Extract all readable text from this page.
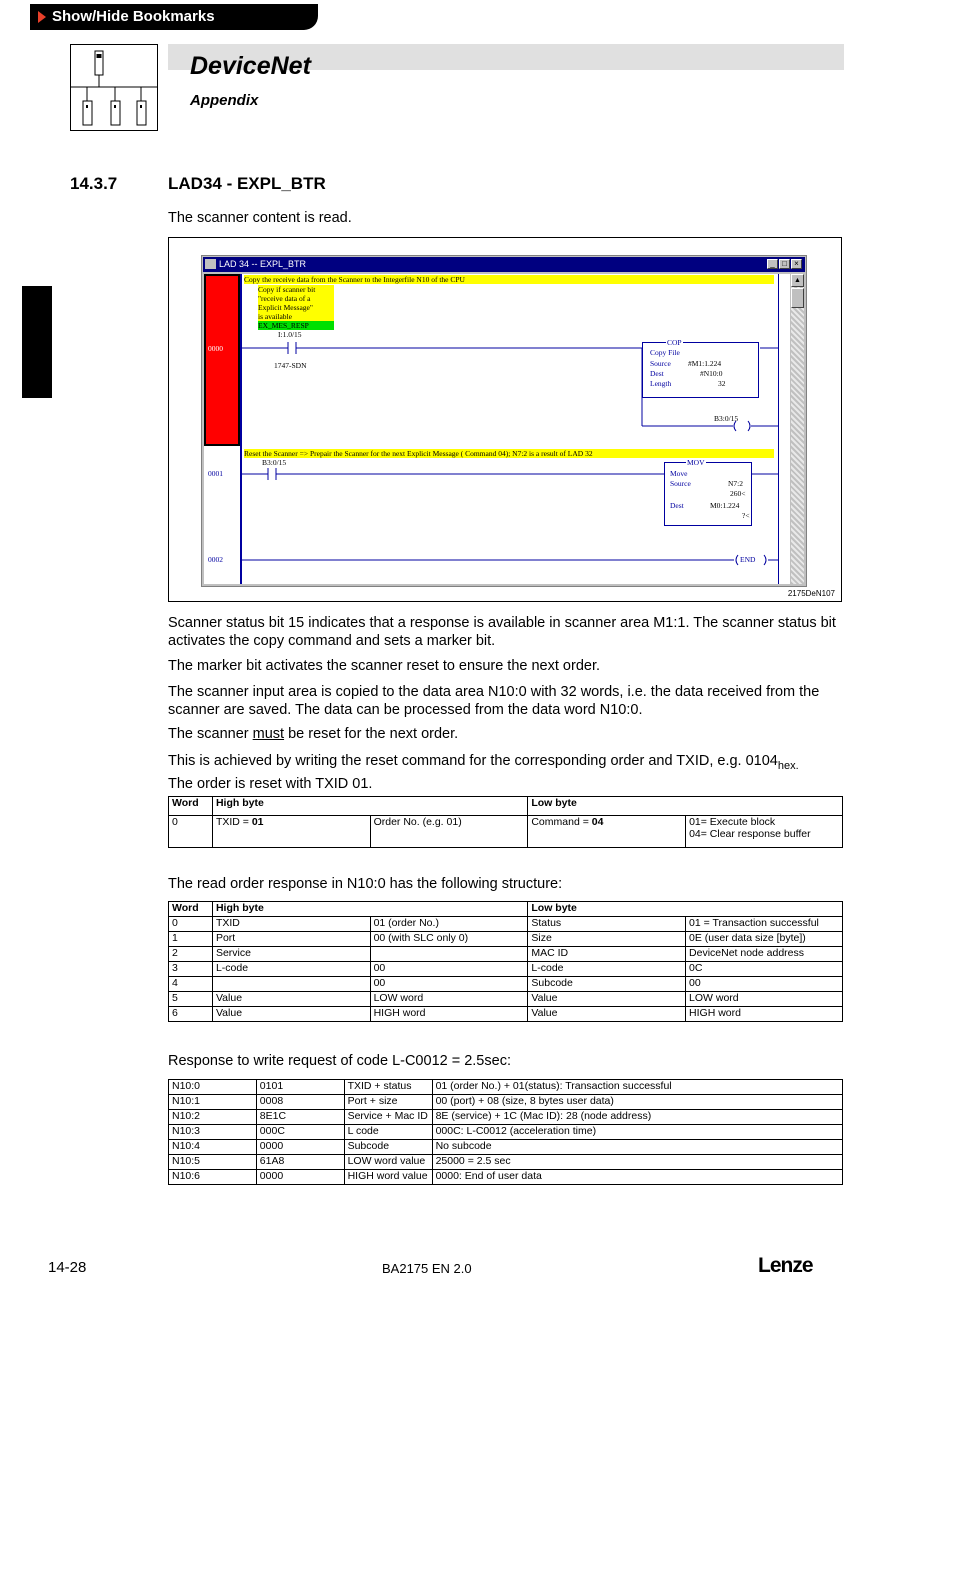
Show/Hide Bookmarks
DeviceNet
Appendix
14.3.7	LAD34 - EXPL_BTR
The scanner content is read.
LAD 34 -- EXPL_BTR	_ □ ×
Copy the receive data from the Scanner to the Integerfile N10 of the CPU
Copy if scanner bit
"receive data of a
Explicit Message"
is available
EX_MES_RESP
0000
I:1.0/15
1747-SDN
COP
Copy File
Source #M1:1.224
Dest	#N10:0
Length	32
B3:0/15
Reset the Scanner => Prepair the Scanner for the next Explicit Message ( Command 04); N7:2 is a result of LAD 32
0001
B3:0/15	MOV
Move
Source	N7:2
260<
Dest	M0:1.224
?<
0002	END
▲
2175DeN107
Scanner status bit 15 indicates that a response is available in scanner area M1:1. The scanner status bit activates the copy command and sets a marker bit.
The marker bit activates the scanner reset to ensure the next order.
The scanner input area is copied to the data area N10:0 with 32 words, i.e. the data received from the scanner are saved. The data can be processed from the data word N10:0.
The scanner must be reset for the next order.
This is achieved by writing the reset command for the corresponding order and TXID, e.g. $0104_{hex.}$
The order is reset with TXID 01.
Word	High byte		Low byte	
0	TXID = 01	Order No. (e.g. 01)	Command = 04	01= Execute block
04= Clear response buffer
The read order response in N10:0 has the following structure:
Word	High byte		Low byte	
0	TXID	01 (order No.)	Status	01 = Transaction successful
1	Port	00 (with SLC only 0)	Size	0E (user data size [byte])
2	Service		MAC ID	DeviceNet node address
3	L-code	00	L-code	0C
4		00	Subcode	00
5	Value	LOW word	Value	LOW word
6	Value	HIGH word	Value	HIGH word
Response to write request of code L-C0012 = 2.5sec:
N10:0	0101	TXID + status	01 (order No.) + 01(status): Transaction successful
N10:1	0008	Port + size	00 (port) + 08 (size, 8 bytes user data)
N10:2	8E1C	Service + Mac ID	8E (service) + 1C (Mac ID): 28 (node address)
N10:3	000C	L code	000C: L-C0012 (acceleration time)
N10:4	0000	Subcode	No subcode
N10:5	61A8	LOW word value	25000 = 2.5 sec
N10:6	0000	HIGH word value	0000: End of user data
14-28	BA2175 EN 2.0	Lenze
